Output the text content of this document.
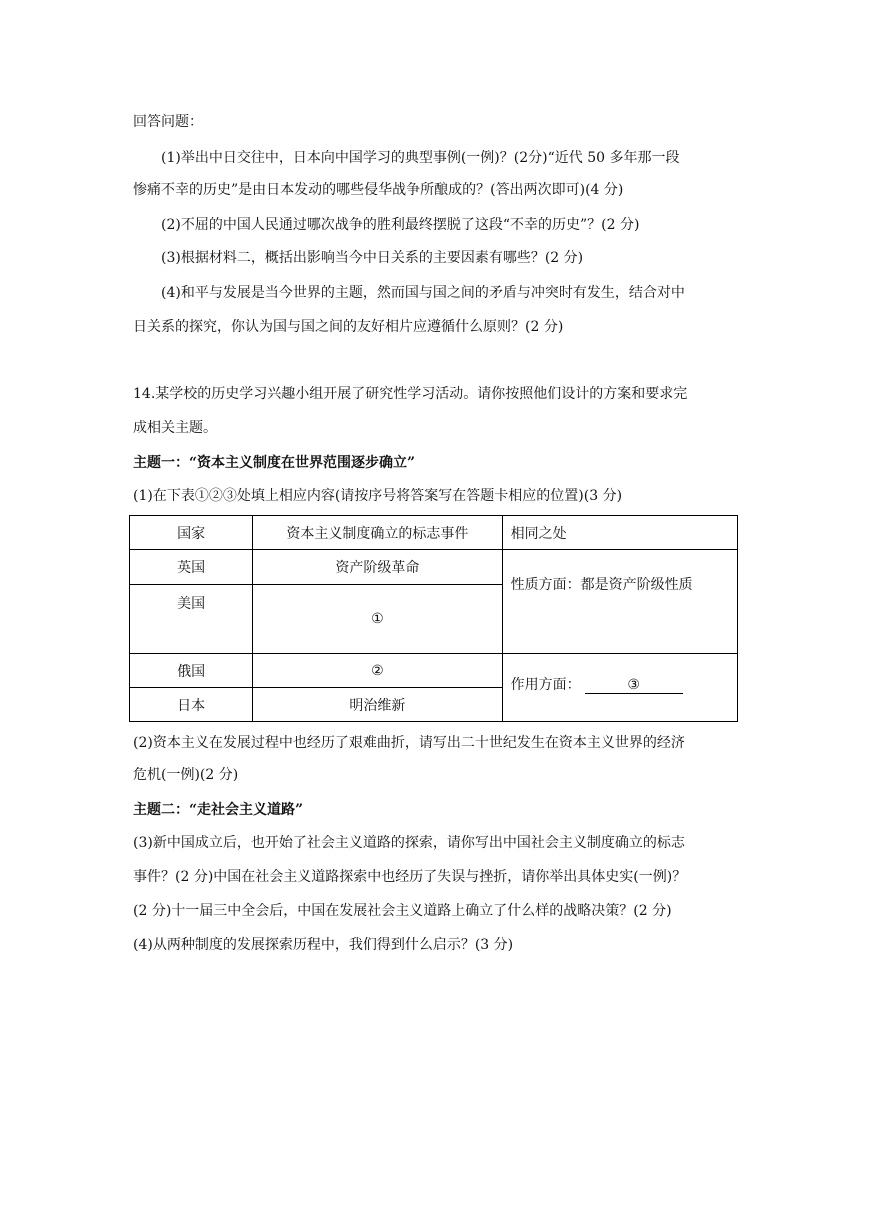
回答问题：
(1)举出中日交往中，日本向中国学习的典型事例(一例)？(2分)“近代 50 多年那一段
惨痛不幸的历史”是由日本发动的哪些侵华战争所酿成的？(答出两次即可)(4 分)
(2)不屈的中国人民通过哪次战争的胜利最终摆脱了这段“不幸的历史”？(2 分)
(3)根据材料二，概括出影响当今中日关系的主要因素有哪些？(2 分)
(4)和平与发展是当今世界的主题，然而国与国之间的矛盾与冲突时有发生，结合对中
日关系的探究，你认为国与国之间的友好相片应遵循什么原则？(2 分)
14.某学校的历史学习兴趣小组开展了研究性学习活动。请你按照他们设计的方案和要求完
成相关主题。
主题一：“资本主义制度在世界范围逐步确立”
(1)在下表①②③处填上相应内容(请按序号将答案写在答题卡相应的位置)(3 分)
国家	资本主义制度确立的标志事件	相同之处
英国	资产阶级革命	性质方面：都是资产阶级性质
美国	①	
俄国	②	作用方面： ③
日本	明治维新	
(2)资本主义在发展过程中也经历了艰难曲折，请写出二十世纪发生在资本主义世界的经济
危机(一例)(2 分)
主题二：“走社会主义道路”
(3)新中国成立后，也开始了社会主义道路的探索，请你写出中国社会主义制度确立的标志
事件？(2 分)中国在社会主义道路探索中也经历了失误与挫折，请你举出具体史实(一例)？
(2 分)十一届三中全会后，中国在发展社会主义道路上确立了什么样的战略决策？(2 分)
(4)从两种制度的发展探索历程中，我们得到什么启示？(3 分)
